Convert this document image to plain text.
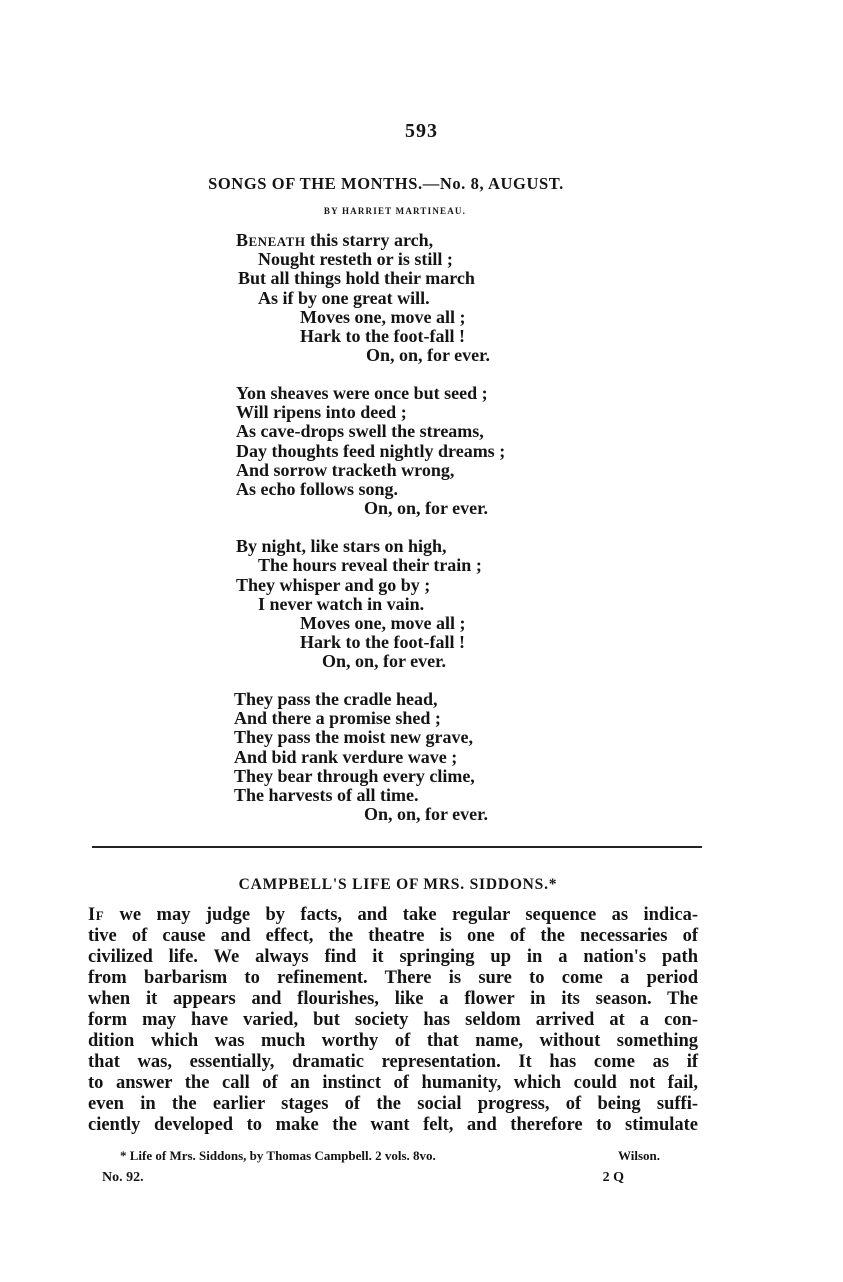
593
SONGS OF THE MONTHS.—No. 8, AUGUST.
BY HARRIET MARTINEAU.
Beneath this starry arch,
Nought resteth or is still ;
But all things hold their march
As if by one great will.
Moves one, move all ;
Hark to the foot-fall !
On, on, for ever.
Yon sheaves were once but seed ;
Will ripens into deed ;
As cave-drops swell the streams,
Day thoughts feed nightly dreams ;
And sorrow tracketh wrong,
As echo follows song.
On, on, for ever.
By night, like stars on high,
The hours reveal their train ;
They whisper and go by ;
I never watch in vain.
Moves one, move all ;
Hark to the foot-fall !
On, on, for ever.
They pass the cradle head,
And there a promise shed ;
They pass the moist new grave,
And bid rank verdure wave ;
They bear through every clime,
The harvests of all time.
On, on, for ever.
CAMPBELL'S LIFE OF MRS. SIDDONS.*
If we may judge by facts, and take regular sequence as indica-
tive of cause and effect, the theatre is one of the necessaries of
civilized life. We always find it springing up in a nation's path
from barbarism to refinement. There is sure to come a period
when it appears and flourishes, like a flower in its season. The
form may have varied, but society has seldom arrived at a con-
dition which was much worthy of that name, without something
that was, essentially, dramatic representation. It has come as if
to answer the call of an instinct of humanity, which could not fail,
even in the earlier stages of the social progress, of being suffi-
ciently developed to make the want felt, and therefore to stimulate
* Life of Mrs. Siddons, by Thomas Campbell. 2 vols. 8vo.	Wilson.
No. 92.	2 Q
